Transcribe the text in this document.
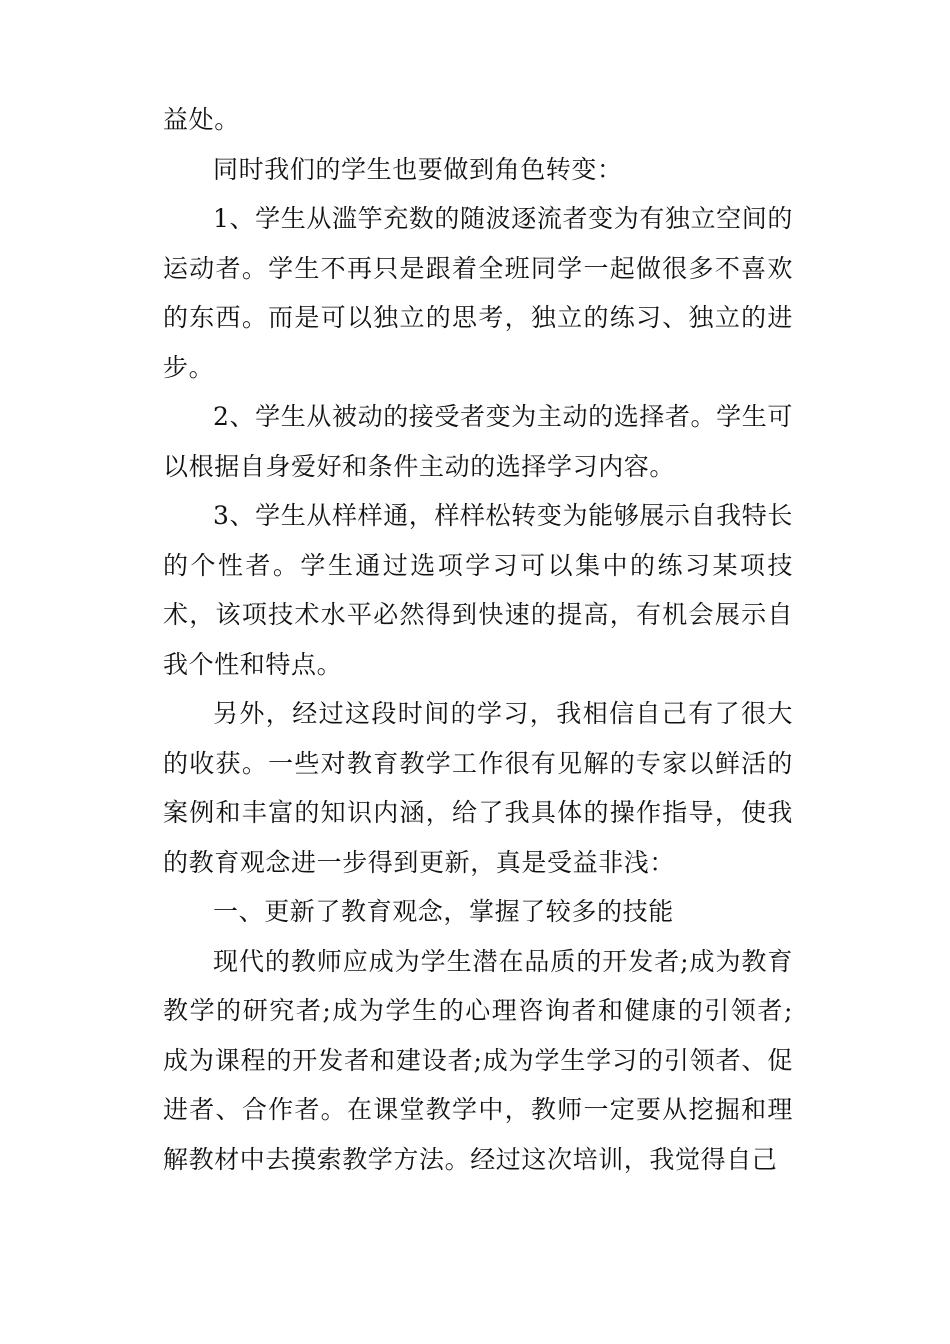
益处。

同时我们的学生也要做到角色转变：

1、学生从滥竽充数的随波逐流者变为有独立空间的运动者。学生不再只是跟着全班同学一起做很多不喜欢的东西。而是可以独立的思考，独立的练习、独立的进步。

2、学生从被动的接受者变为主动的选择者。学生可以根据自身爱好和条件主动的选择学习内容。

3、学生从样样通，样样松转变为能够展示自我特长的个性者。学生通过选项学习可以集中的练习某项技术，该项技术水平必然得到快速的提高，有机会展示自我个性和特点。

另外，经过这段时间的学习，我相信自己有了很大的收获。一些对教育教学工作很有见解的专家以鲜活的案例和丰富的知识内涵，给了我具体的操作指导，使我的教育观念进一步得到更新，真是受益非浅：

一、更新了教育观念，掌握了较多的技能

现代的教师应成为学生潜在品质的开发者;成为教育教学的研究者;成为学生的心理咨询者和健康的引领者;成为课程的开发者和建设者;成为学生学习的引领者、促进者、合作者。在课堂教学中，教师一定要从挖掘和理解教材中去摸索教学方法。经过这次培训，我觉得自己
